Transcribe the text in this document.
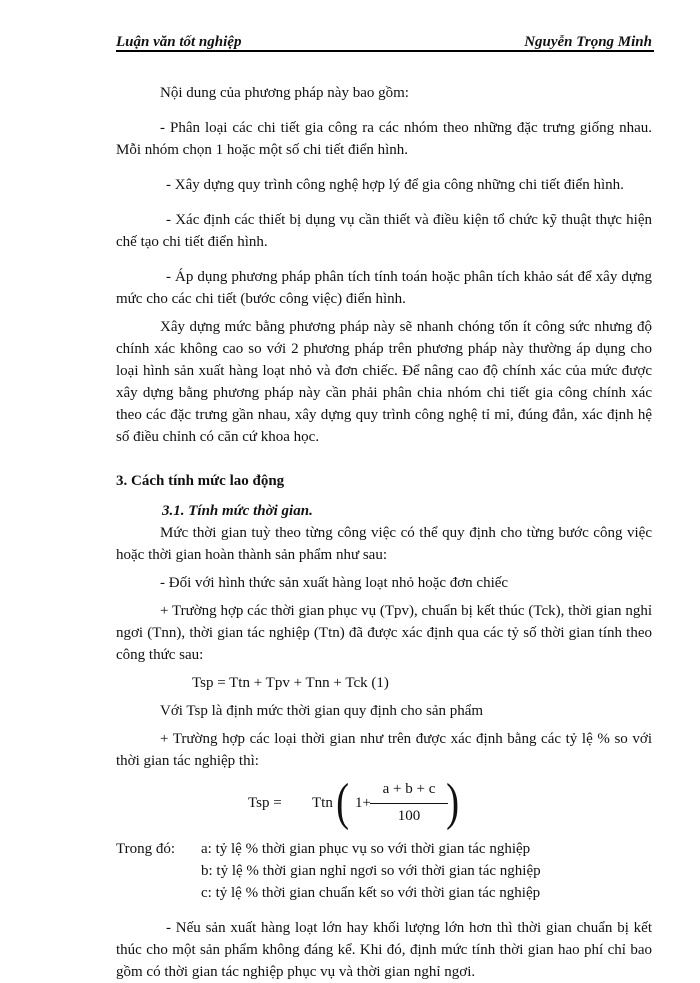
Luận văn tốt nghiệp	Nguyễn Trọng Minh

Nội dung của phương pháp này bao gồm:

- Phân loại các chi tiết gia công ra các nhóm theo những đặc trưng giống nhau. Mỗi nhóm chọn 1 hoặc một số chi tiết điển hình.

- Xây dựng quy trình công nghệ hợp lý để gia công những chi tiết điển hình.

- Xác định các thiết bị dụng vụ cần thiết và điều kiện tổ chức kỹ thuật thực hiện chế tạo chi tiết điển hình.

- Áp dụng phương pháp phân tích tính toán hoặc phân tích khảo sát để xây dựng mức cho các chi tiết (bước công việc) điển hình.

Xây dựng mức bằng phương pháp này sẽ nhanh chóng tốn ít công sức nhưng độ chính xác không cao so với 2 phương pháp trên phương pháp này thường áp dụng cho loại hình sản xuất hàng loạt nhỏ và đơn chiếc. Để nâng cao độ chính xác của mức được xây dựng bằng phương pháp này cần phải phân chia nhóm chi tiết gia công chính xác theo các đặc trưng gần nhau, xây dựng quy trình công nghệ tỉ mỉ, đúng đắn, xác định hệ số điều chỉnh có căn cứ khoa học.

3. Cách tính mức lao động

3.1. Tính mức thời gian.

Mức thời gian tuỳ theo từng công việc có thể quy định cho từng bước công việc hoặc thời gian hoàn thành sản phẩm như sau:

- Đối với hình thức sản xuất hàng loạt nhỏ hoặc đơn chiếc

+ Trường hợp các thời gian phục vụ (Tpv), chuẩn bị kết thúc (Tck), thời gian nghỉ ngơi (Tnn), thời gian tác nghiệp (Ttn) đã được xác định qua các tỷ số thời gian tính theo công thức sau:

Tsp = Ttn + Tpv + Tnn + Tck (1)

Với Tsp là định mức thời gian quy định cho sản phẩm

+ Trường hợp các loại thời gian như trên được xác định bằng các tỷ lệ % so với thời gian tác nghiệp thì:

Tsp = Ttn ( 1+
a + b + c
100 )
Trong đó: a: tỷ lệ % thời gian phục vụ so với thời gian tác nghiệp
b: tỷ lệ % thời gian nghỉ ngơi so với thời gian tác nghiệp
c: tỷ lệ % thời gian chuẩn kết so với thời gian tác nghiệp

- Nếu sản xuất hàng loạt lớn hay khối lượng lớn hơn thì thời gian chuẩn bị kết thúc cho một sản phẩm không đáng kể. Khi đó, định mức tính thời gian hao phí chỉ bao gồm có thời gian tác nghiệp phục vụ và thời gian nghỉ ngơi.
